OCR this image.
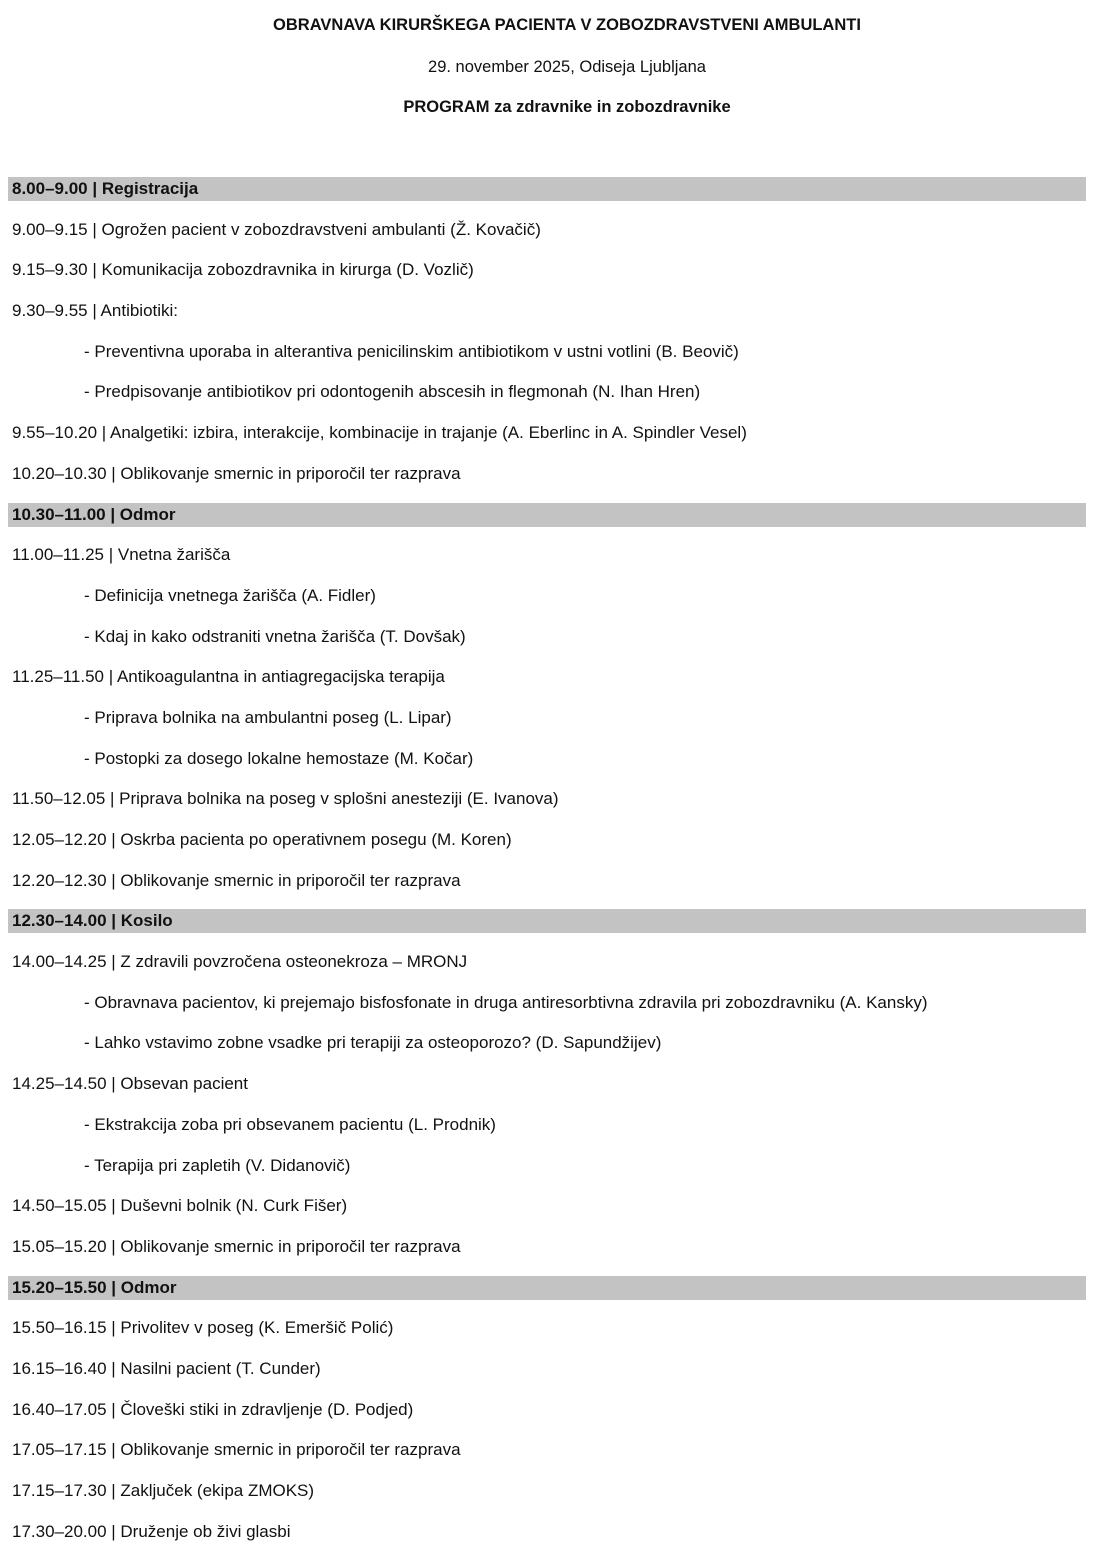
OBRAVNAVA KIRURŠKEGA PACIENTA V ZOBOZDRAVSTVENI AMBULANTI
29. november 2025, Odiseja Ljubljana
PROGRAM za zdravnike in zobozdravnike
8.00–9.00 | Registracija
9.00–9.15 | Ogrožen pacient v zobozdravstveni ambulanti (Ž. Kovačič)
9.15–9.30 | Komunikacija zobozdravnika in kirurga (D. Vozlič)
9.30–9.55 | Antibiotiki:
- Preventivna uporaba in alterantiva penicilinskim antibiotikom v ustni votlini (B. Beovič)
- Predpisovanje antibiotikov pri odontogenih abscesih in flegmonah (N. Ihan Hren)
9.55–10.20 | Analgetiki: izbira, interakcije, kombinacije in trajanje (A. Eberlinc in A. Spindler Vesel)
10.20–10.30 | Oblikovanje smernic in priporočil ter razprava
10.30–11.00 | Odmor
11.00–11.25 | Vnetna žarišča
- Definicija vnetnega žarišča (A. Fidler)
- Kdaj in kako odstraniti vnetna žarišča (T. Dovšak)
11.25–11.50 | Antikoagulantna in antiagregacijska terapija
- Priprava bolnika na ambulantni poseg (L. Lipar)
- Postopki za dosego lokalne hemostaze (M. Kočar)
11.50–12.05 | Priprava bolnika na poseg v splošni anesteziji (E. Ivanova)
12.05–12.20 | Oskrba pacienta po operativnem posegu (M. Koren)
12.20–12.30 | Oblikovanje smernic in priporočil ter razprava
12.30–14.00 | Kosilo
14.00–14.25 | Z zdravili povzročena osteonekroza – MRONJ
- Obravnava pacientov, ki prejemajo bisfosfonate in druga antiresorbtivna zdravila pri zobozdravniku (A. Kansky)
- Lahko vstavimo zobne vsadke pri terapiji za osteoporozo? (D. Sapundžijev)
14.25–14.50 | Obsevan pacient
- Ekstrakcija zoba pri obsevanem pacientu (L. Prodnik)
- Terapija pri zapletih (V. Didanovič)
14.50–15.05 | Duševni bolnik (N. Curk Fišer)
15.05–15.20 | Oblikovanje smernic in priporočil ter razprava
15.20–15.50 | Odmor
15.50–16.15 | Privolitev v poseg (K. Emeršič Polić)
16.15–16.40 | Nasilni pacient (T. Cunder)
16.40–17.05 | Človeški stiki in zdravljenje (D. Podjed)
17.05–17.15 | Oblikovanje smernic in priporočil ter razprava
17.15–17.30 | Zaključek (ekipa ZMOKS)
17.30–20.00 | Druženje ob živi glasbi
